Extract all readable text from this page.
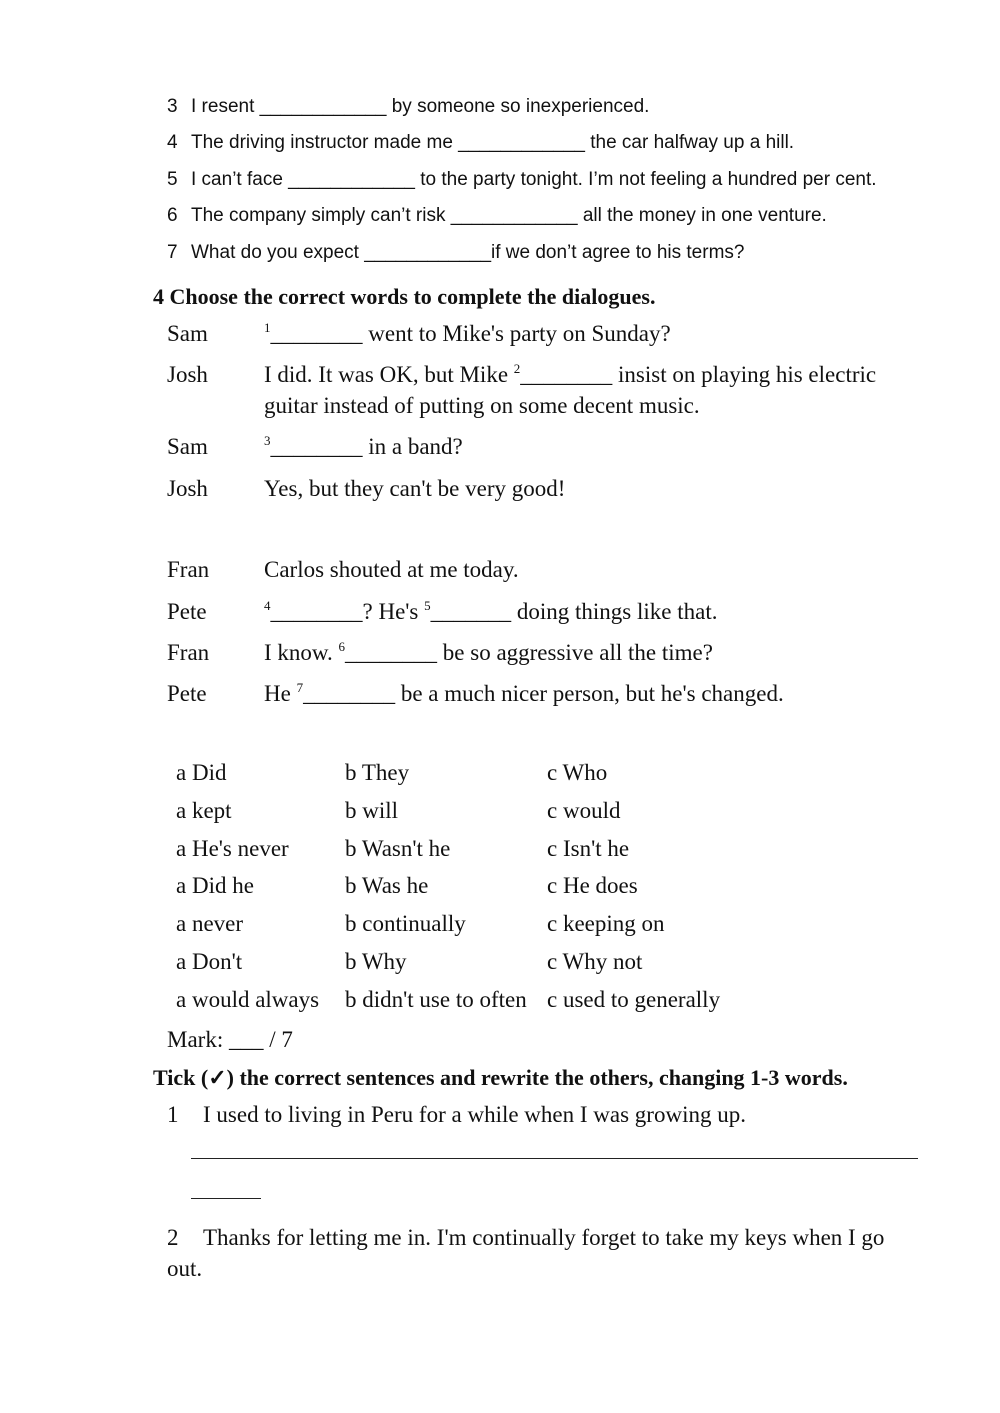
3 I resent ____________ by someone so inexperienced.
4 The driving instructor made me ____________ the car halfway up a hill.
5 I can’t face ____________ to the party tonight. I’m not feeling a hundred per cent.
6 The company simply can’t risk ____________ all the money in one venture.
7 What do you expect ____________if we don’t agree to his terms?
4 Choose the correct words to complete the dialogues.
Sam	$^1$________ went to Mike's party on Sunday?
Josh I did. It was OK, but Mike $^2$________ insist on playing his electric
guitar instead of putting on some decent music.
Sam	$^3$________ in a band?
Josh Yes, but they can't be very good!
Fran Carlos shouted at me today.
Pete	$^4$________? He's $^5$_______ doing things like that.
Fran I know. $^6$________ be so aggressive all the time?
Pete He $^7$________ be a much nicer person, but he's changed.
a Did	b They	c Who
a kept	b will	c would
a He's never b Wasn't he	c Isn't he
a Did he	b Was he	c He does
a never	b continually	c keeping on
a Don't	b Why	c Why not
a would always b didn't use to often c used to generally
Mark: ___ / 7
Tick (✓) the correct sentences and rewrite the others, changing 1-3 words.
1 I used to living in Peru for a while when I was growing up.
2 Thanks for letting me in. I'm continually forget to take my keys when I go
out.
